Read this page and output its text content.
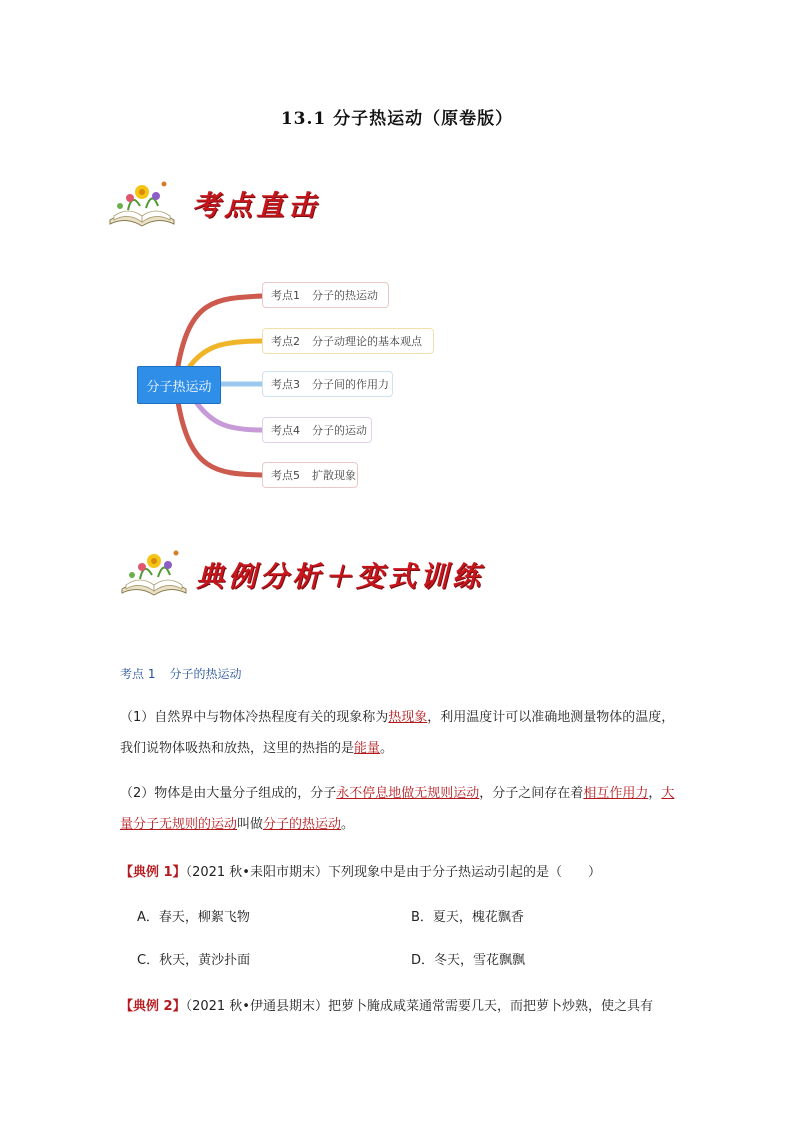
13.1 分子热运动（原卷版）
考点直击
分子热运动
考点1 分子的热运动
考点2 分子动理论的基本观点
考点3 分子间的作用力
考点4 分子的运动
考点5 扩散现象
典例分析＋变式训练
考点 1 分子的热运动
（1）自然界中与物体冷热程度有关的现象称为热现象，利用温度计可以准确地测量物体的温度，我们说物体吸热和放热，这里的热指的是能量。
（2）物体是由大量分子组成的，分子永不停息地做无规则运动，分子之间存在着相互作用力，大量分子无规则的运动叫做分子的热运动。
【典例 1】（2021 秋•耒阳市期末）下列现象中是由于分子热运动引起的是（　　）
A．春天，柳絮飞物	B．夏天，槐花飘香
C．秋天，黄沙扑面	D．冬天，雪花飘飘
【典例 2】（2021 秋•伊通县期末）把萝卜腌成咸菜通常需要几天，而把萝卜炒熟，使之具有
